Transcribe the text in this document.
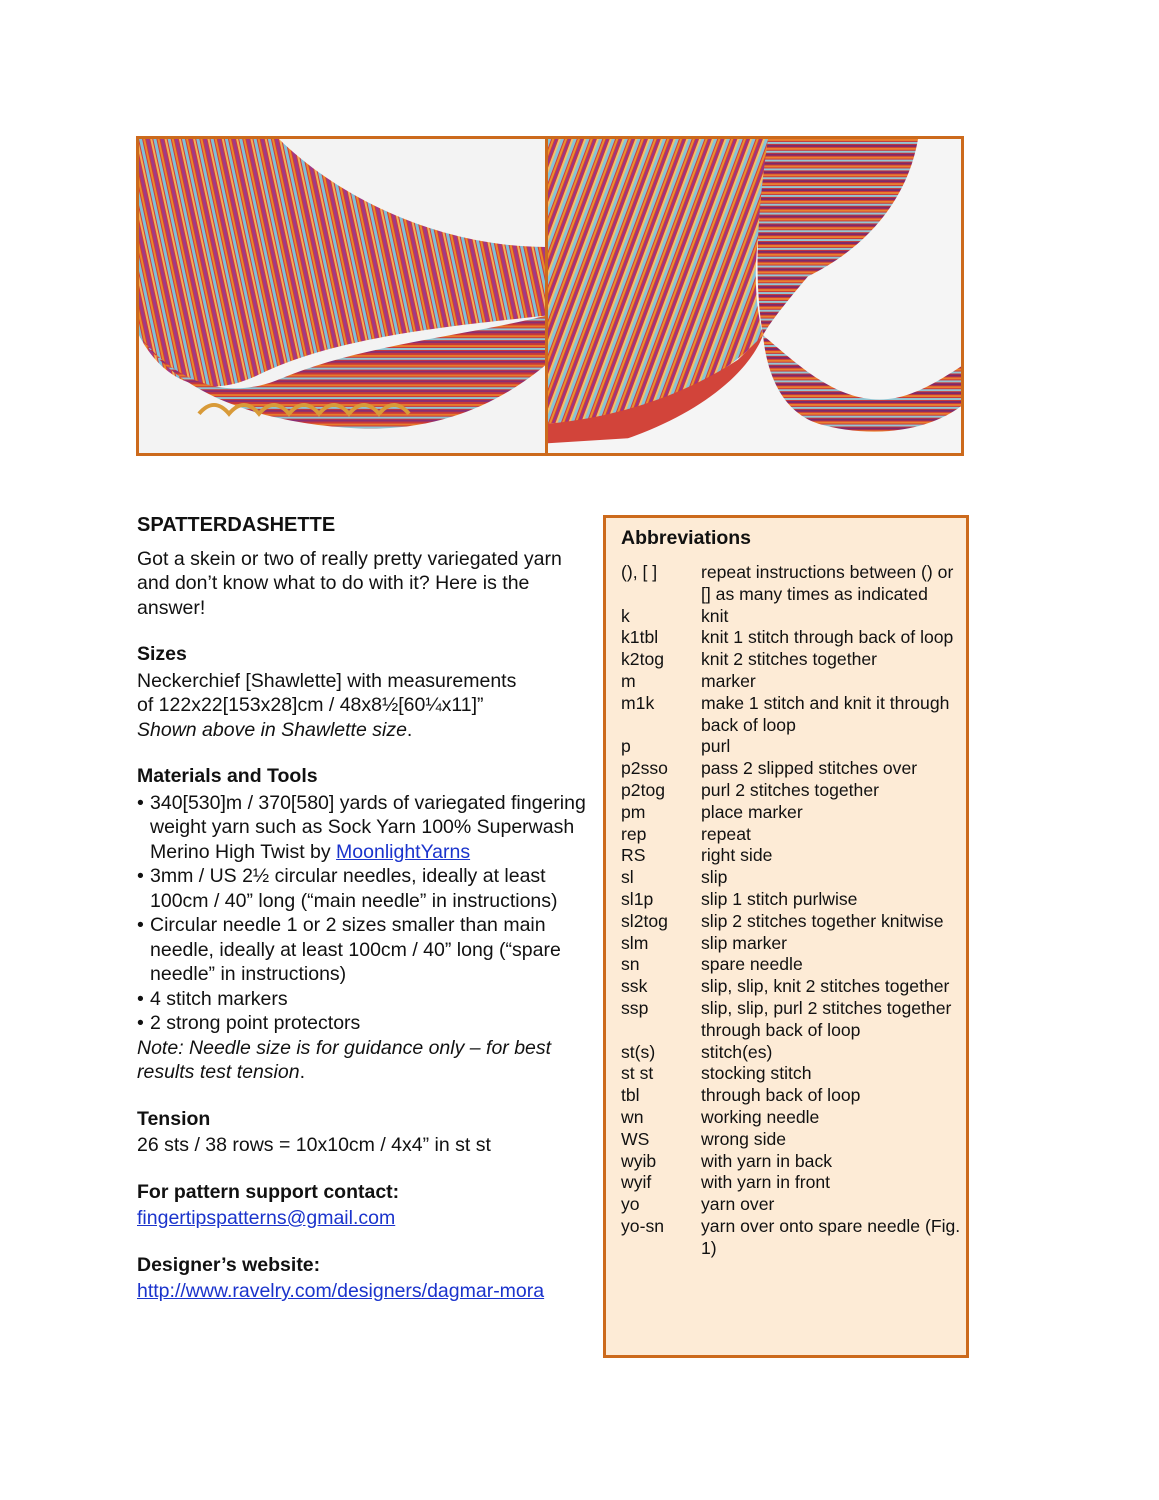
SPATTERDASHETTE

Got a skein or two of really pretty variegated yarn and don’t know what to do with it? Here is the answer!

Sizes
Neckerchief [Shawlette] with measurements
of 122x22[153x28]cm / 48x8½[60¼x11]”
Shown above in Shawlette size.
Materials and Tools
• 340[530]m / 370[580] yards of variegated fingering weight yarn such as Sock Yarn 100% Superwash Merino High Twist by MoonlightYarns
• 3mm / US 2½ circular needles, ideally at least 100cm / 40” long (“main needle” in instructions)
• Circular needle 1 or 2 sizes smaller than main needle, ideally at least 100cm / 40” long (“spare needle” in instructions)
• 4 stitch markers
• 2 strong point protectors
Note: Needle size is for guidance only – for best results test tension.
Tension
26 sts / 38 rows = 10x10cm / 4x4” in st st
For pattern support contact:
fingertipspatterns@gmail.com
Designer’s website:
http://www.ravelry.com/designers/dagmar-mora
Abbreviations
(), [ ]	repeat instructions between () or [] as many times as indicated
k	knit
k1tbl	knit 1 stitch through back of loop
k2tog	knit 2 stitches together
m	marker
m1k	make 1 stitch and knit it through back of loop
p	purl
p2sso	pass 2 slipped stitches over
p2tog	purl 2 stitches together
pm	place marker
rep	repeat
RS	right side
sl	slip
sl1p	slip 1 stitch purlwise
sl2tog	slip 2 stitches together knitwise
slm	slip marker
sn	spare needle
ssk	slip, slip, knit 2 stitches together
ssp	slip, slip, purl 2 stitches together through back of loop
st(s)	stitch(es)
st st	stocking stitch
tbl	through back of loop
wn	working needle
WS	wrong side
wyib	with yarn in back
wyif	with yarn in front
yo	yarn over
yo-sn	yarn over onto spare needle (Fig. 1)
